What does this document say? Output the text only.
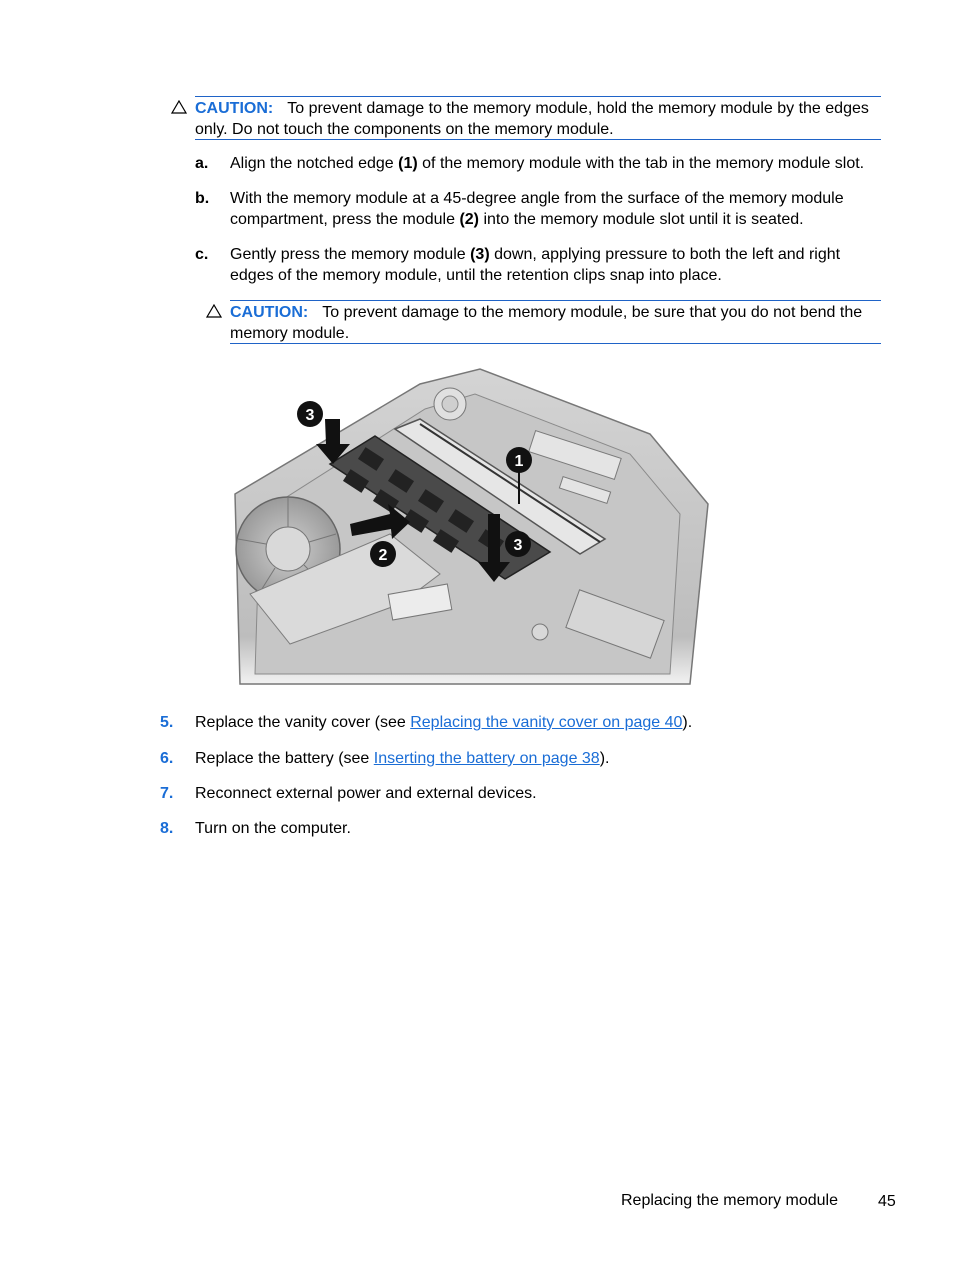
CAUTION: To prevent damage to the memory module, hold the memory module by the edges only. Do not touch the components on the memory module.
a. Align the notched edge (1) of the memory module with the tab in the memory module slot.
b. With the memory module at a 45-degree angle from the surface of the memory module compartment, press the module (2) into the memory module slot until it is seated.
c. Gently press the memory module (3) down, applying pressure to both the left and right edges of the memory module, until the retention clips snap into place.
CAUTION: To prevent damage to the memory module, be sure that you do not bend the memory module.
3
1
2
3
5. Replace the vanity cover (see Replacing the vanity cover on page 40).
6. Replace the battery (see Inserting the battery on page 38).
7. Reconnect external power and external devices.
8. Turn on the computer.
Replacing the memory module	45
